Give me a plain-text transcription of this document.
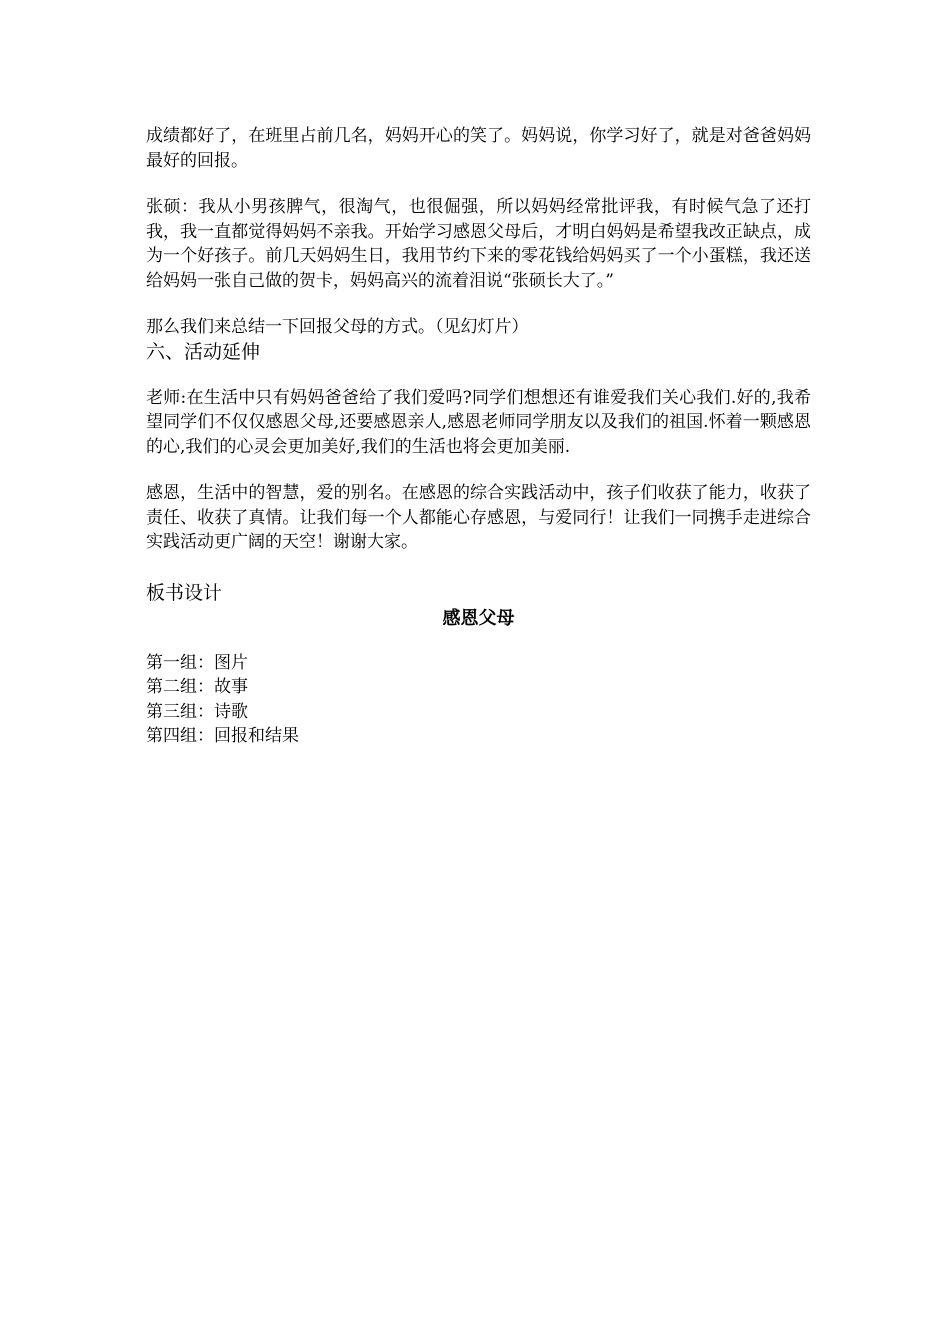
成绩都好了，在班里占前几名，妈妈开心的笑了。妈妈说，你学习好了，就是对爸爸妈妈最好的回报。

张硕：我从小男孩脾气，很淘气，也很倔强，所以妈妈经常批评我，有时候气急了还打我，我一直都觉得妈妈不亲我。开始学习感恩父母后，才明白妈妈是希望我改正缺点，成为一个好孩子。前几天妈妈生日，我用节约下来的零花钱给妈妈买了一个小蛋糕，我还送给妈妈一张自己做的贺卡，妈妈高兴的流着泪说“张硕长大了。”

那么我们来总结一下回报父母的方式。（见幻灯片）

六、活动延伸

老师:在生活中只有妈妈爸爸给了我们爱吗?同学们想想还有谁爱我们关心我们.好的,我希望同学们不仅仅感恩父母,还要感恩亲人,感恩老师同学朋友以及我们的祖国.怀着一颗感恩的心,我们的心灵会更加美好,我们的生活也将会更加美丽.

感恩，生活中的智慧，爱的别名。在感恩的综合实践活动中，孩子们收获了能力，收获了责任、收获了真情。让我们每一个人都能心存感恩，与爱同行！让我们一同携手走进综合实践活动更广阔的天空！谢谢大家。

板书设计

感恩父母

第一组：图片
第二组：故事
第三组：诗歌
第四组：回报和结果
